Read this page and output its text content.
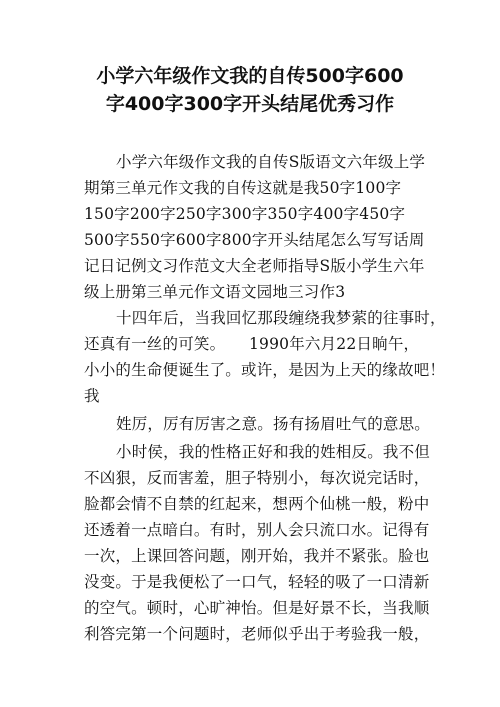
小学六年级作文我的自传500字600
字400字300字开头结尾优秀习作
小学六年级作文我的自传S版语文六年级上学
期第三单元作文我的自传这就是我50字100字
150字200字250字300字350字400字450字
500字550字600字800字开头结尾怎么写写话周
记日记例文习作范文大全老师指导S版小学生六年
级上册第三单元作文语文园地三习作3
十四年后，当我回忆那段缠绕我梦萦的往事时，
还真有一丝的可笑。　　1990年六月22日晌午，
小小的生命便诞生了。或许，是因为上天的缘故吧！
我
姓厉，厉有厉害之意。扬有扬眉吐气的意思。
小时侯，我的性格正好和我的姓相反。我不但
不凶狠，反而害羞，胆子特别小，每次说完话时，
脸都会情不自禁的红起来，想两个仙桃一般，粉中
还透着一点暗白。有时，别人会只流口水。记得有
一次，上课回答问题，刚开始，我并不紧张。脸也
没变。于是我便松了一口气，轻轻的吸了一口清新
的空气。顿时，心旷神怡。但是好景不长，当我顺
利答完第一个问题时，老师似乎出于考验我一般，
